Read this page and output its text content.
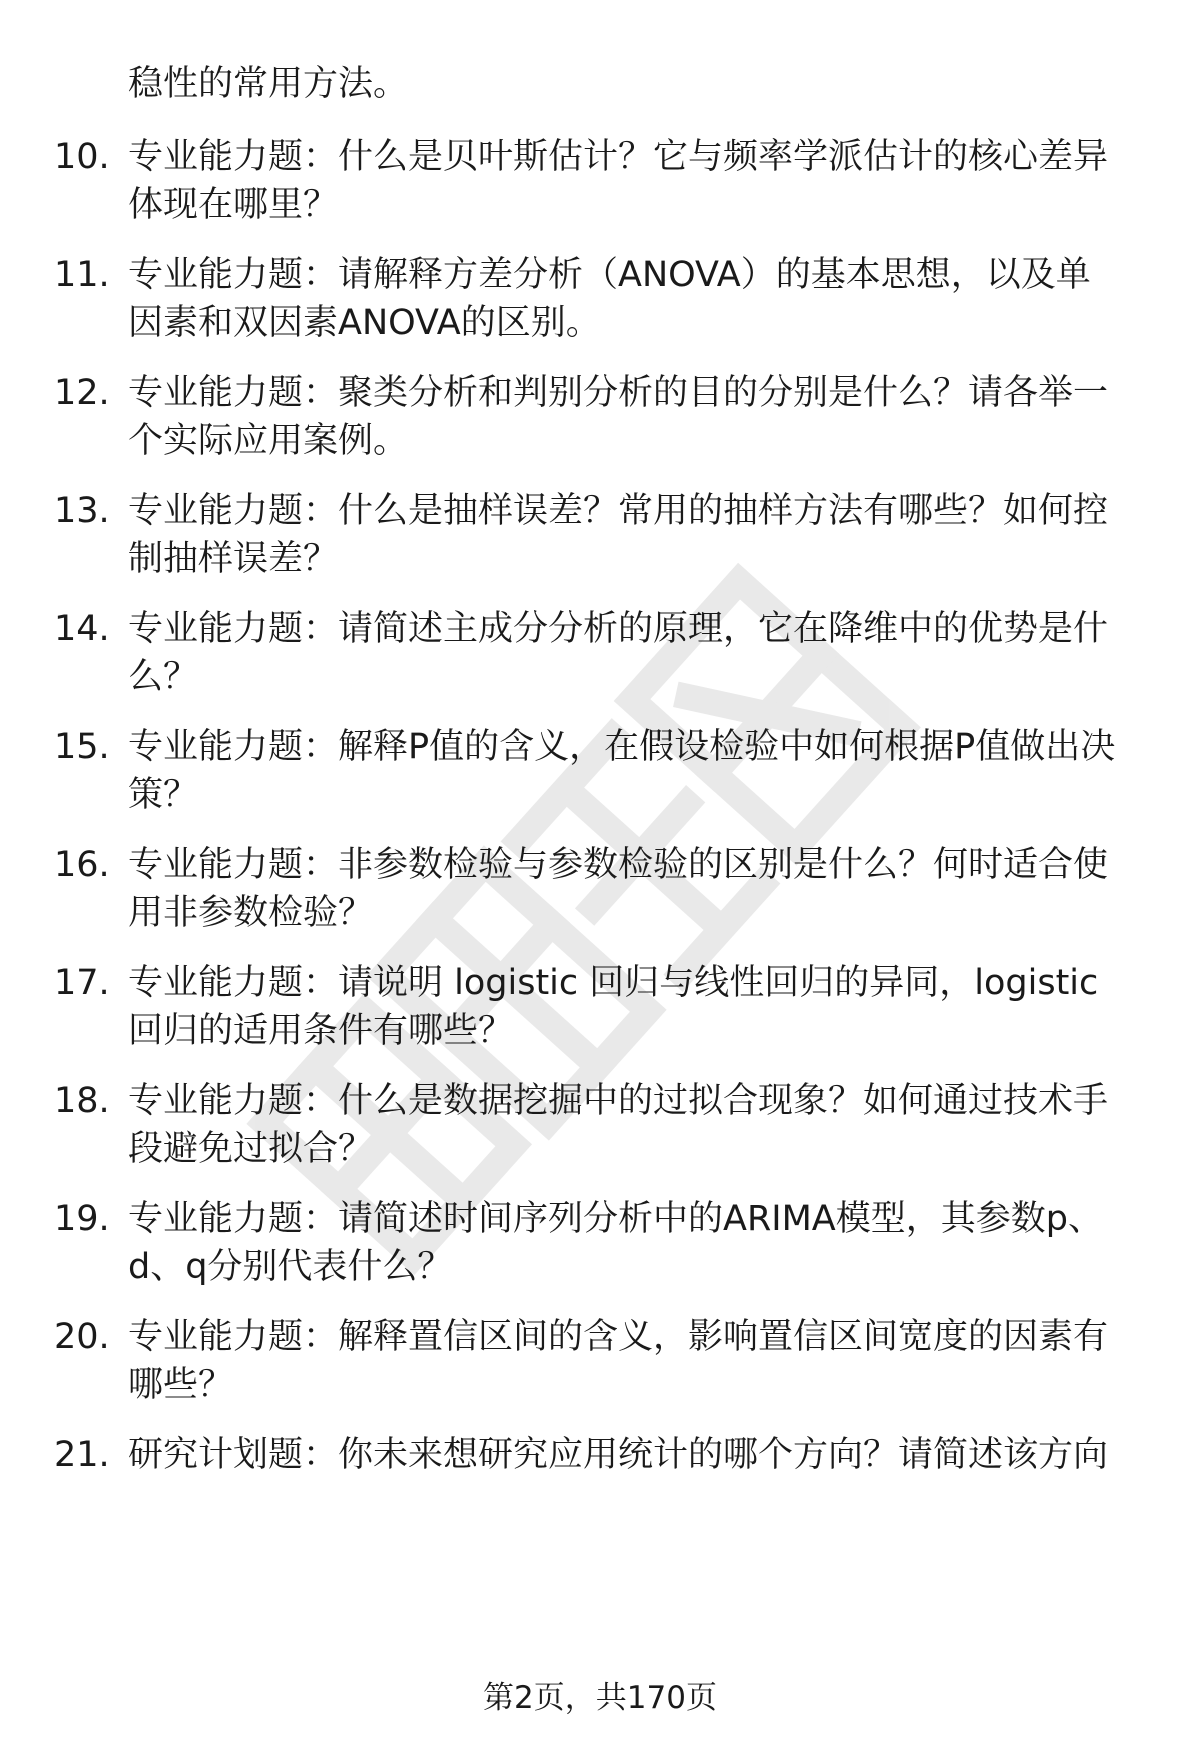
稳性的常用方法。

10. 专业能力题：什么是贝叶斯估计？它与频率学派估计的核心差异
体现在哪里？
11. 专业能力题：请解释方差分析（ANOVA）的基本思想，以及单
因素和双因素ANOVA的区别。
12. 专业能力题：聚类分析和判别分析的目的分别是什么？请各举一
个实际应用案例。
13. 专业能力题：什么是抽样误差？常用的抽样方法有哪些？如何控
制抽样误差？
14. 专业能力题：请简述主成分分析的原理，它在降维中的优势是什
么？
15. 专业能力题：解释P值的含义，在假设检验中如何根据P值做出决
策？
16. 专业能力题：非参数检验与参数检验的区别是什么？何时适合使
用非参数检验？
17. 专业能力题：请说明 logistic 回归与线性回归的异同，logistic
回归的适用条件有哪些？
18. 专业能力题：什么是数据挖掘中的过拟合现象？如何通过技术手
段避免过拟合？
19. 专业能力题：请简述时间序列分析中的ARIMA模型，其参数p、
d、q分别代表什么？
20. 专业能力题：解释置信区间的含义，影响置信区间宽度的因素有
哪些？
21. 研究计划题：你未来想研究应用统计的哪个方向？请简述该方向
第2页，共170页
